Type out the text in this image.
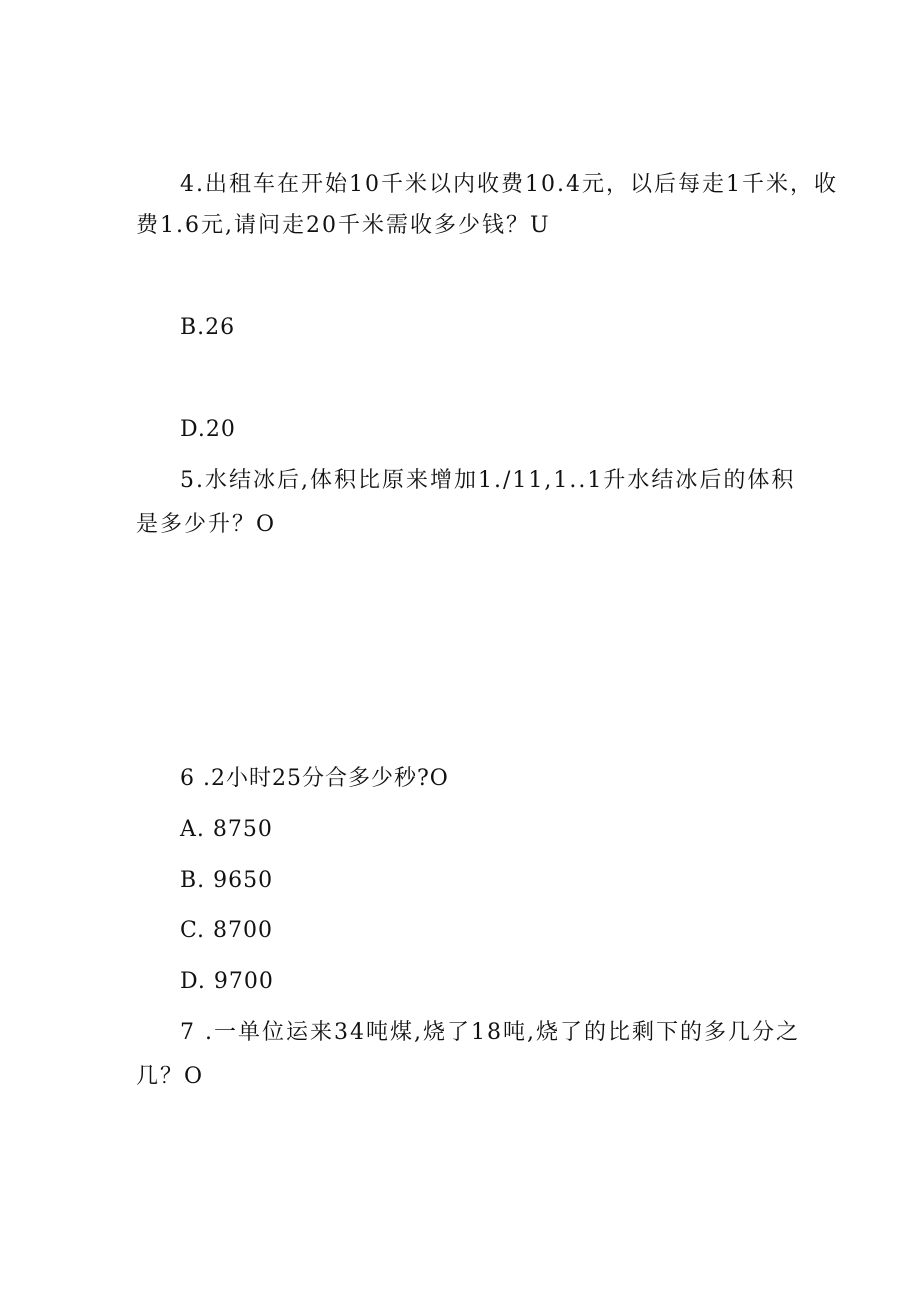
4.出租车在开始10千米以内收费10.4元，以后每走1千米，收
费1.6元,请问走20千米需收多少钱？U
B.26
D.20
5.水结冰后,体积比原来增加1./11,1..1升水结冰后的体积
是多少升？O
6 .2小时25分合多少秒?O
A. 8750
B. 9650
C. 8700
D. 9700
7 .一单位运来34吨煤,烧了18吨,烧了的比剩下的多几分之
几？O
